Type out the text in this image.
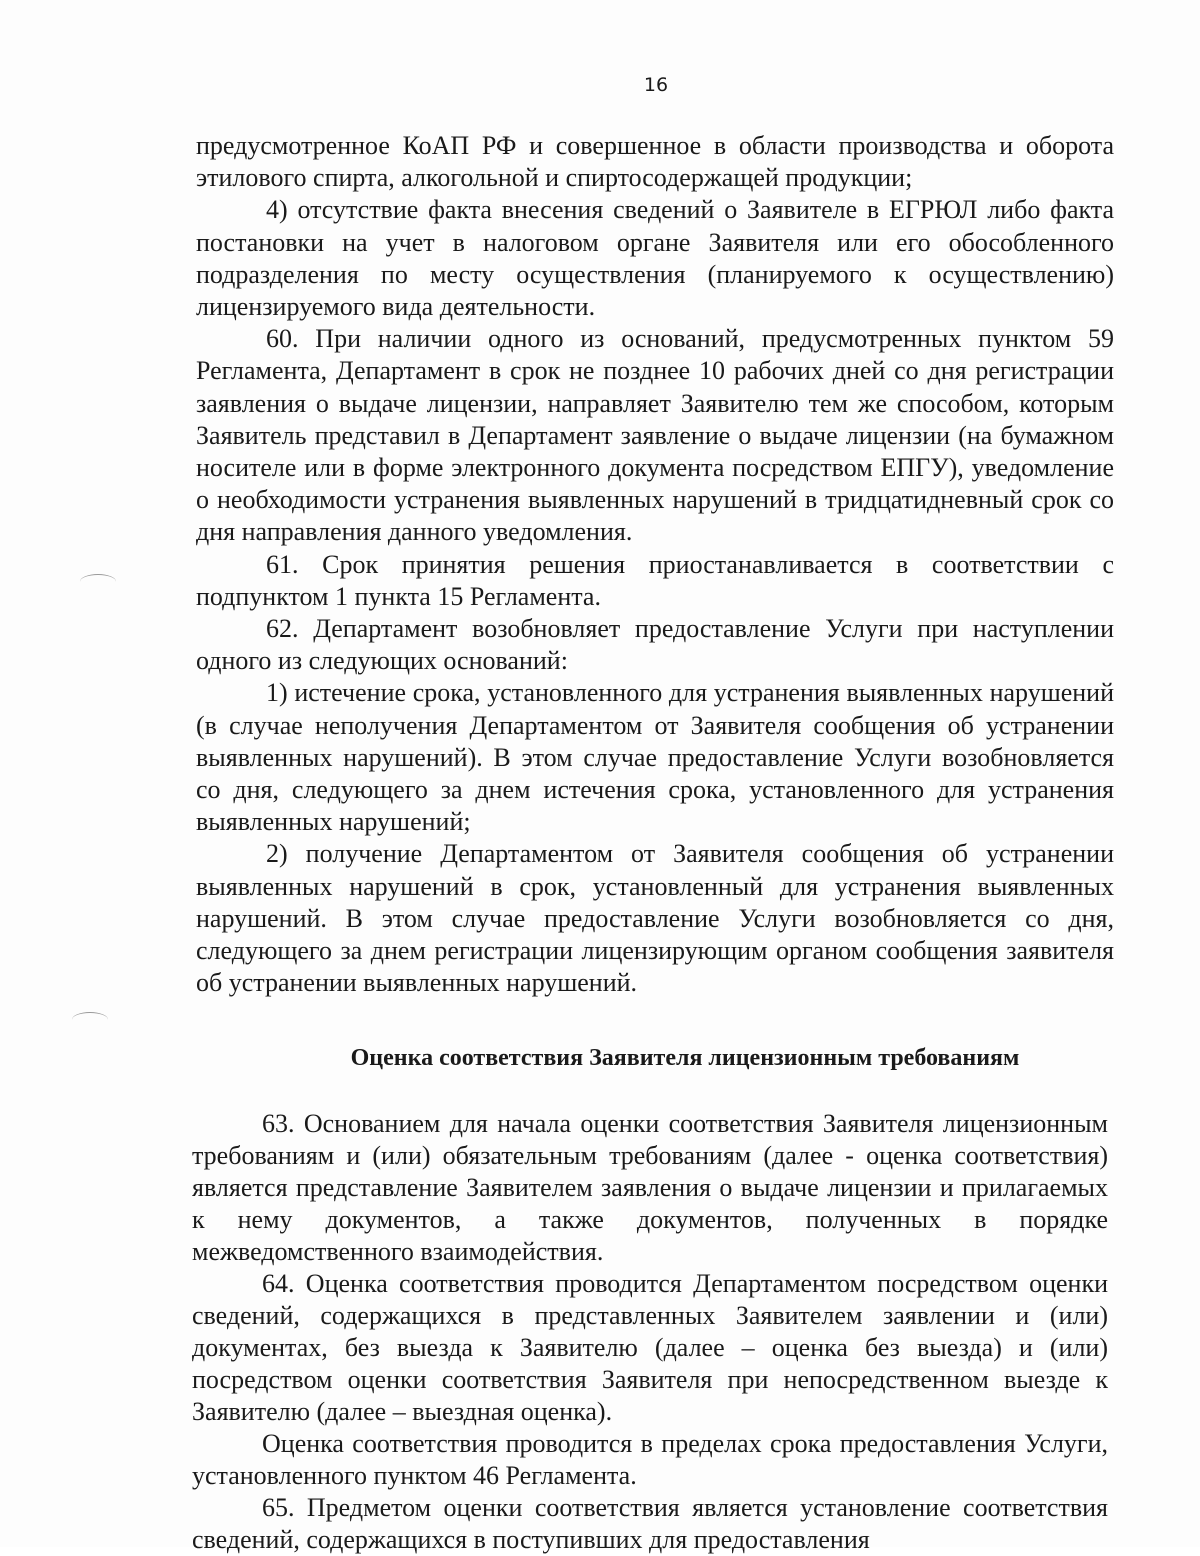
16

предусмотренное КоАП РФ и совершенное в области производства и оборота этилового спирта, алкогольной и спиртосодержащей продукции;

4) отсутствие факта внесения сведений о Заявителе в ЕГРЮЛ либо факта постановки на учет в налоговом органе Заявителя или его обособленного подразделения по месту осуществления (планируемого к осуществлению) лицензируемого вида деятельности.

60. При наличии одного из оснований, предусмотренных пунктом 59 Регламента, Департамент в срок не позднее 10 рабочих дней со дня регистрации заявления о выдаче лицензии, направляет Заявителю тем же способом, которым Заявитель представил в Департамент заявление о выдаче лицензии (на бумажном носителе или в форме электронного документа посредством ЕПГУ), уведомление о необходимости устранения выявленных нарушений в тридцатидневный срок со дня направления данного уведомления.

61. Срок принятия решения приостанавливается в соответствии с подпунктом 1 пункта 15 Регламента.

62. Департамент возобновляет предоставление Услуги при наступлении одного из следующих оснований:

1) истечение срока, установленного для устранения выявленных нарушений (в случае неполучения Департаментом от Заявителя сообщения об устранении выявленных нарушений). В этом случае предоставление Услуги возобновляется со дня, следующего за днем истечения срока, установленного для устранения выявленных нарушений;

2) получение Департаментом от Заявителя сообщения об устранении выявленных нарушений в срок, установленный для устранения выявленных нарушений. В этом случае предоставление Услуги возобновляется со дня, следующего за днем регистрации лицензирующим органом сообщения заявителя об устранении выявленных нарушений.

Оценка соответствия Заявителя лицензионным требованиям

63. Основанием для начала оценки соответствия Заявителя лицензионным требованиям и (или) обязательным требованиям (далее - оценка соответствия) является представление Заявителем заявления о выдаче лицензии и прилагаемых к нему документов, а также документов, полученных в порядке межведомственного взаимодействия.

64. Оценка соответствия проводится Департаментом посредством оценки сведений, содержащихся в представленных Заявителем заявлении и (или) документах, без выезда к Заявителю (далее – оценка без выезда) и (или) посредством оценки соответствия Заявителя при непосредственном выезде к Заявителю (далее – выездная оценка).

Оценка соответствия проводится в пределах срока предоставления Услуги, установленного пунктом 46 Регламента.

65. Предметом оценки соответствия является установление соответствия сведений, содержащихся в поступивших для предоставления
